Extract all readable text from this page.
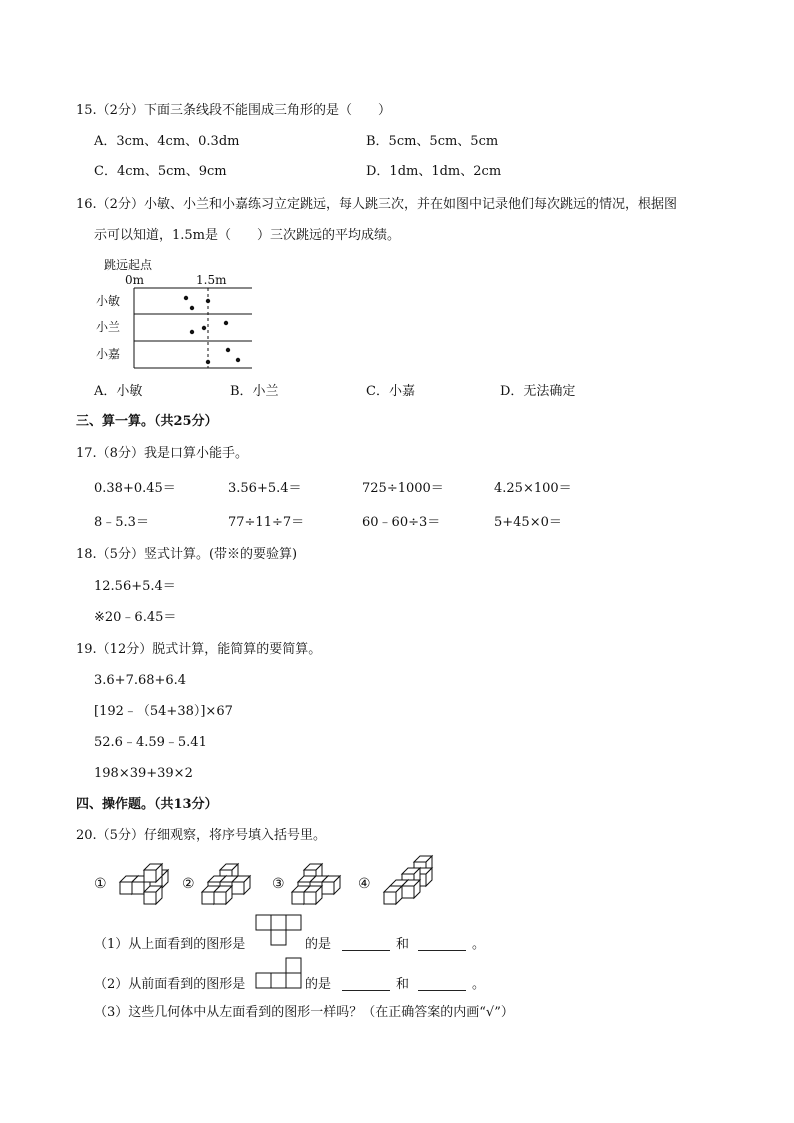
15.（2分）下面三条线段不能围成三角形的是（　　）
A．3cm、4cm、0.3dm	B．5cm、5cm、5cm
C．4cm、5cm、9cm	D．1dm、1dm、2cm
16.（2分）小敏、小兰和小嘉练习立定跳远，每人跳三次，并在如图中记录他们每次跳远的情况，根据图
示可以知道，1.5m是（　　）三次跳远的平均成绩。
跳远起点
0m	1.5m
小敏
小兰
小嘉
A．小敏	B．小兰	C．小嘉	D．无法确定
三、算一算。（共25分）
17.（8分）我是口算小能手。
0.38+0.45＝	3.56+5.4＝	725÷1000＝	4.25×100＝
8﹣5.3＝	77÷11÷7＝	60﹣60÷3＝	5+45×0＝
18.（5分）竖式计算。(带※的要验算)
12.56+5.4＝
※20﹣6.45＝
19.（12分）脱式计算，能简算的要简算。
3.6+7.68+6.4
[192﹣（54+38）]×67
52.6﹣4.59﹣5.41
198×39+39×2
四、操作题。（共13分）
20.（5分）仔细观察，将序号填入括号里。
①	②	③	④
（1）从上面看到的图形是	的是	和	。
（2）从前面看到的图形是	的是	和	。
（3）这些几何体中从左面看到的图形一样吗？（在正确答案的内画“√”）
